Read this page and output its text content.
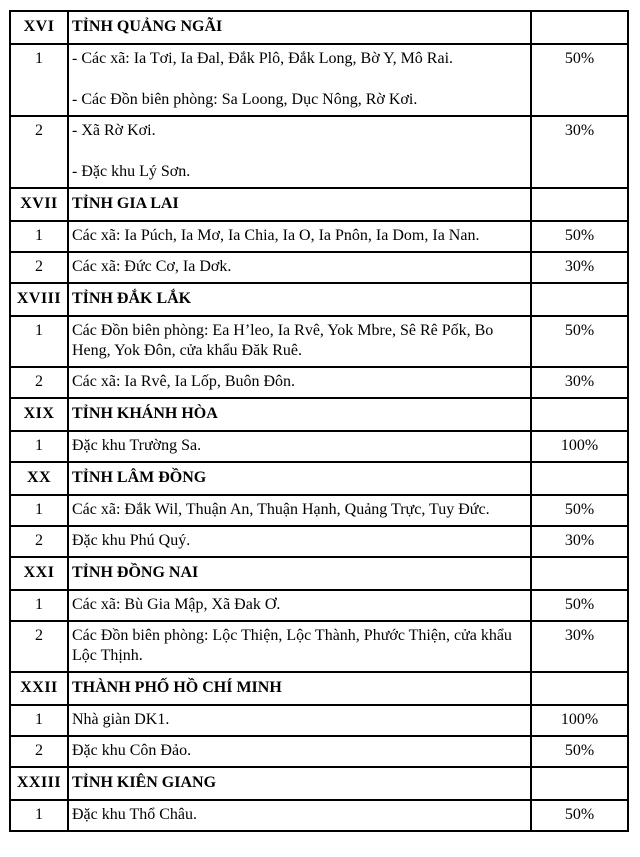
XVI	TỈNH QUẢNG NGÃI	
1	- Các xã: Ia Tơi, Ia Đal, Đắk Plô, Đắk Long, Bờ Y, Mô Rai.
- Các Đồn biên phòng: Sa Loong, Dục Nông, Rờ Kơi.	50%
2	- Xã Rờ Kơi.
- Đặc khu Lý Sơn.	30%
XVII	TỈNH GIA LAI	
1	Các xã: Ia Púch, Ia Mơ, Ia Chia, Ia O, Ia Pnôn, Ia Dom, Ia Nan.	50%
2	Các xã: Đức Cơ, Ia Dơk.	30%
XVIII	TỈNH ĐẮK LẮK	
1	Các Đồn biên phòng: Ea H’leo, Ia Rvê, Yok Mbre, Sê Rê Pốk, Bo Heng, Yok Đôn, cửa khẩu Đăk Ruê.	50%
2	Các xã: Ia Rvê, Ia Lốp, Buôn Đôn.	30%
XIX	TỈNH KHÁNH HÒA	
1	Đặc khu Trường Sa.	100%
XX	TỈNH LÂM ĐỒNG	
1	Các xã: Đắk Wil, Thuận An, Thuận Hạnh, Quảng Trực, Tuy Đức.	50%
2	Đặc khu Phú Quý.	30%
XXI	TỈNH ĐỒNG NAI	
1	Các xã: Bù Gia Mập, Xã Đak Ơ.	50%
2	Các Đồn biên phòng: Lộc Thiện, Lộc Thành, Phước Thiện, cửa khẩu Lộc Thịnh.	30%
XXII	THÀNH PHỐ HỒ CHÍ MINH	
1	Nhà giàn DK1.	100%
2	Đặc khu Côn Đảo.	50%
XXIII	TỈNH KIÊN GIANG	
1	Đặc khu Thổ Châu.	50%
